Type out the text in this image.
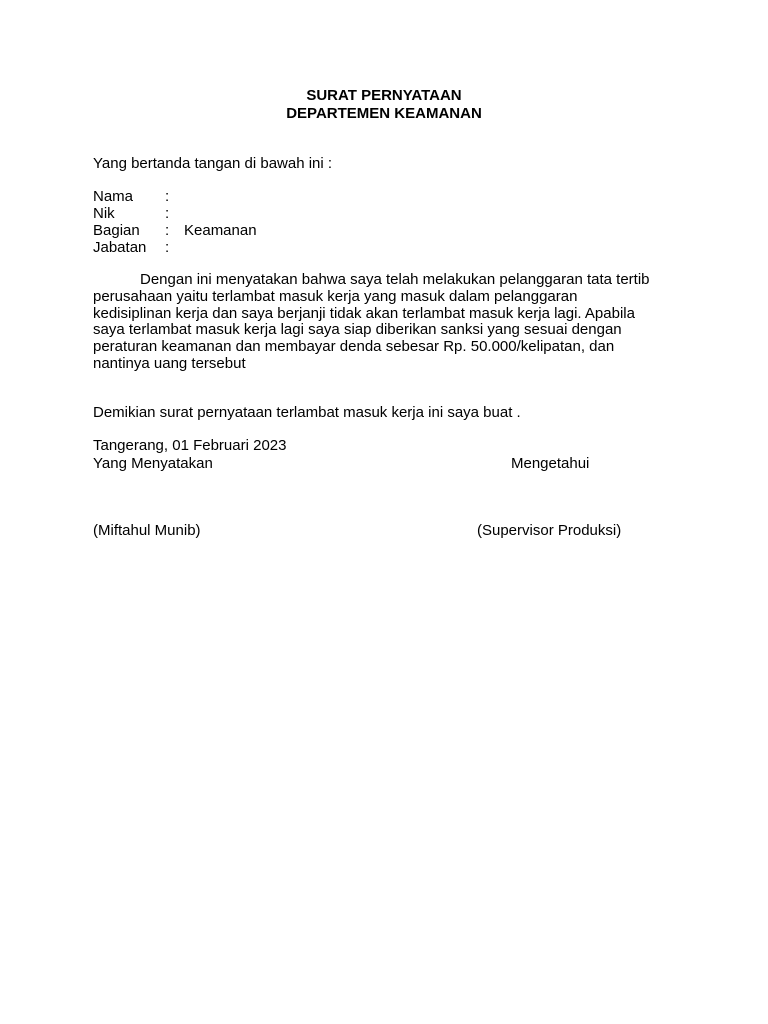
SURAT PERNYATAAN
DEPARTEMEN KEAMANAN
Yang bertanda tangan di bawah ini :
Nama :
Nik	:
Bagian : Keamanan
Jabatan :
Dengan ini menyatakan bahwa saya telah melakukan pelanggaran tata tertib
perusahaan yaitu terlambat masuk kerja yang masuk dalam pelanggaran
kedisiplinan kerja dan saya berjanji tidak akan terlambat masuk kerja lagi. Apabila
saya terlambat masuk kerja lagi saya siap diberikan sanksi yang sesuai dengan
peraturan keamanan dan membayar denda sebesar Rp. 50.000/kelipatan, dan
nantinya uang tersebut
Demikian surat pernyataan terlambat masuk kerja ini saya buat .
Tangerang, 01 Februari 2023
Yang Menyatakan	Mengetahui
(Miftahul Munib)	(Supervisor Produksi)
